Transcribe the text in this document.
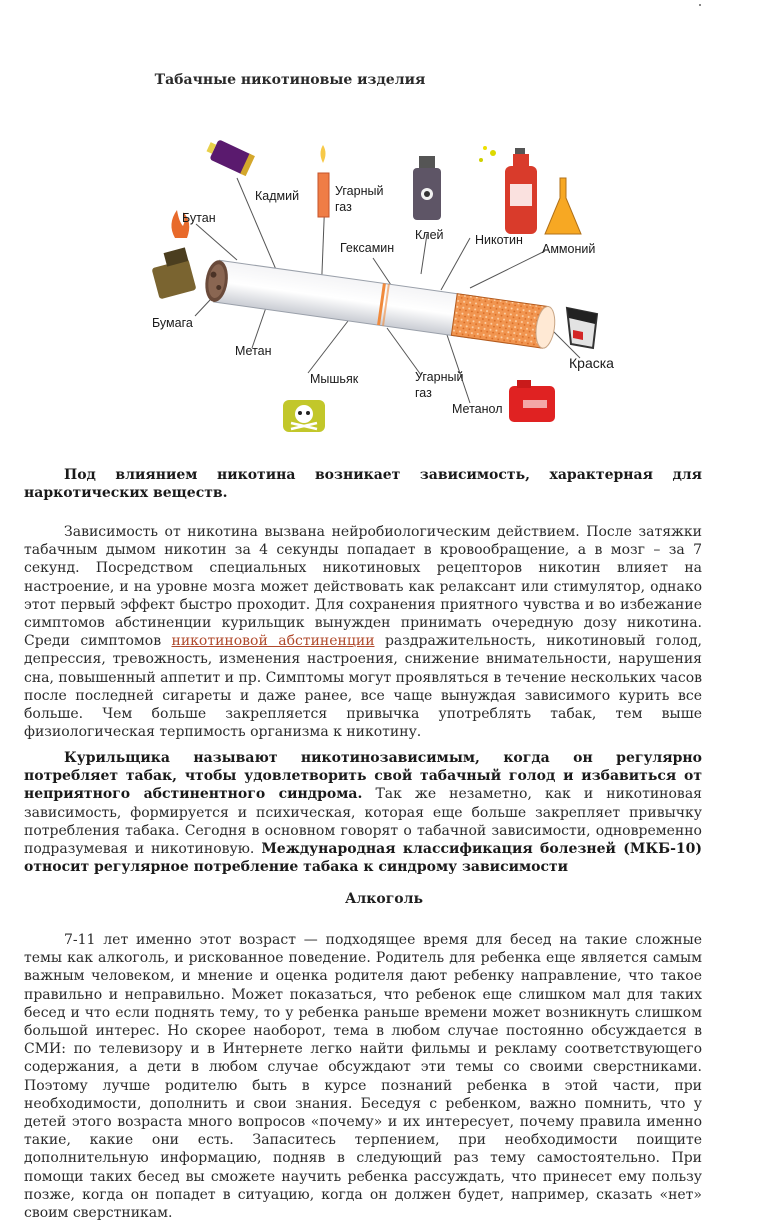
Табачные никотиновые изделия
Кадмий	Угарный
газ
Клей	Никотин
Аммоний
Бутан
Гексамин
Бумага
Метан
Мышьяк	Угарный
газ
Метанол
Краска
Под влиянием никотина возникает зависимость, характерная для наркотических веществ.
Зависимость от никотина вызвана нейробиологическим действием. После затяжки табачным дымом никотин за 4 секунды попадает в кровообращение, а в мозг – за 7 секунд. Посредством специальных никотиновых рецепторов никотин влияет на настроение, и на уровне мозга может действовать как релаксант или стимулятор, однако этот первый эффект быстро проходит. Для сохранения приятного чувства и во избежание симптомов абстиненции курильщик вынужден принимать очередную дозу никотина. Среди симптомов никотиновой абстиненции раздражительность, никотиновый голод, депрессия, тревожность, изменения настроения, снижение внимательности, нарушения сна, повышенный аппетит и пр. Симптомы могут проявляться в течение нескольких часов после последней сигареты и даже ранее, все чаще вынуждая зависимого курить все больше. Чем больше закрепляется привычка употреблять табак, тем выше физиологическая терпимость организма к никотину.
Курильщика называют никотинозависимым, когда он регулярно потребляет табак, чтобы удовлетворить свой табачный голод и избавиться от неприятного абстинентного синдрома. Так же незаметно, как и никотиновая зависимость, формируется и психическая, которая еще больше закрепляет привычку потребления табака. Сегодня в основном говорят о табачной зависимости, одновременно подразумевая и никотиновую. Международная классификация болезней (МКБ-10) относит регулярное потребление табака к синдрому зависимости
Алкоголь
7-11 лет именно этот возраст — подходящее время для бесед на такие сложные темы как алкоголь, и рискованное поведение. Родитель для ребенка еще является самым важным человеком, и мнение и оценка родителя дают ребенку направление, что такое правильно и неправильно. Может показаться, что ребенок еще слишком мал для таких бесед и что если поднять тему, то у ребенка раньше времени может возникнуть слишком большой интерес. Но скорее наоборот, тема в любом случае постоянно обсуждается в СМИ: по телевизору и в Интернете легко найти фильмы и рекламу соответствующего содержания, а дети в любом случае обсуждают эти темы со своими сверстниками. Поэтому лучше родителю быть в курсе познаний ребенка в этой части, при необходимости, дополнить и свои знания. Беседуя с ребенком, важно помнить, что у детей этого возраста много вопросов «почему» и их интересует, почему правила именно такие, какие они есть. Запаситесь терпением, при необходимости поищите дополнительную информацию, подняв в следующий раз тему самостоятельно. При помощи таких бесед вы сможете научить ребенка рассуждать, что принесет ему пользу позже, когда он попадет в ситуацию, когда он должен будет, например, сказать «нет» своим сверстникам.
